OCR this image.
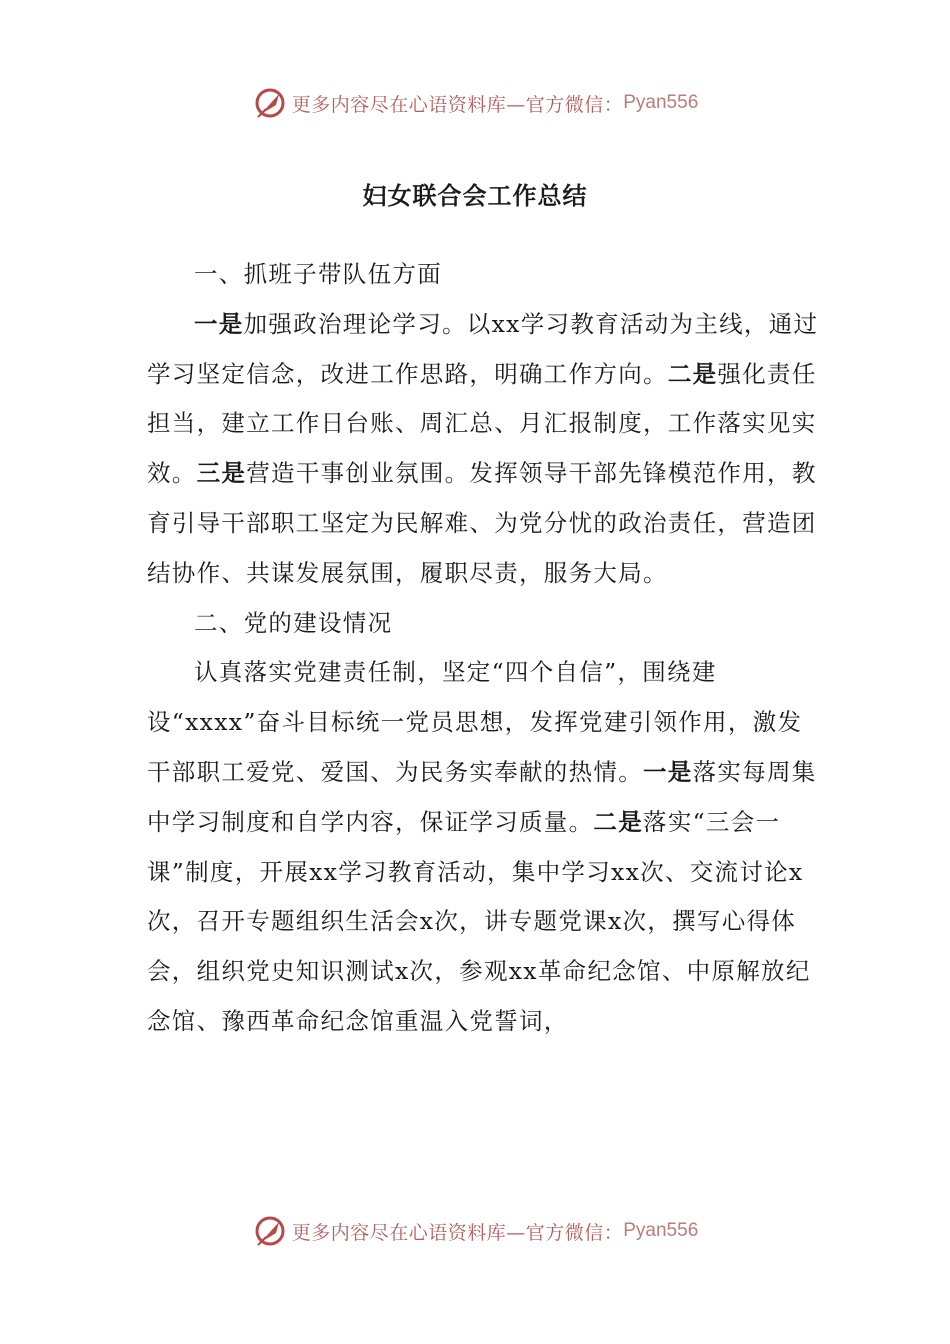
更多内容尽在心语资料库—官方微信： Pyan556
妇女联合会工作总结

一、抓班子带队伍方面

一是加强政治理论学习。以xx学习教育活动为主线，通过学习坚定信念，改进工作思路，明确工作方向。二是强化责任担当，建立工作日台账、周汇总、月汇报制度，工作落实见实效。三是营造干事创业氛围。发挥领导干部先锋模范作用，教育引导干部职工坚定为民解难、为党分忧的政治责任，营造团结协作、共谋发展氛围，履职尽责，服务大局。

二、党的建设情况

认真落实党建责任制，坚定“四个自信”，围绕建设“xxxx”奋斗目标统一党员思想，发挥党建引领作用，激发干部职工爱党、爱国、为民务实奉献的热情。一是落实每周集中学习制度和自学内容，保证学习质量。二是落实“三会一课”制度，开展xx学习教育活动，集中学习xx次、交流讨论x次，召开专题组织生活会x次，讲专题党课x次，撰写心得体会，组织党史知识测试x次，参观xx革命纪念馆、中原解放纪念馆、豫西革命纪念馆重温入党誓词，

更多内容尽在心语资料库—官方微信： Pyan556
